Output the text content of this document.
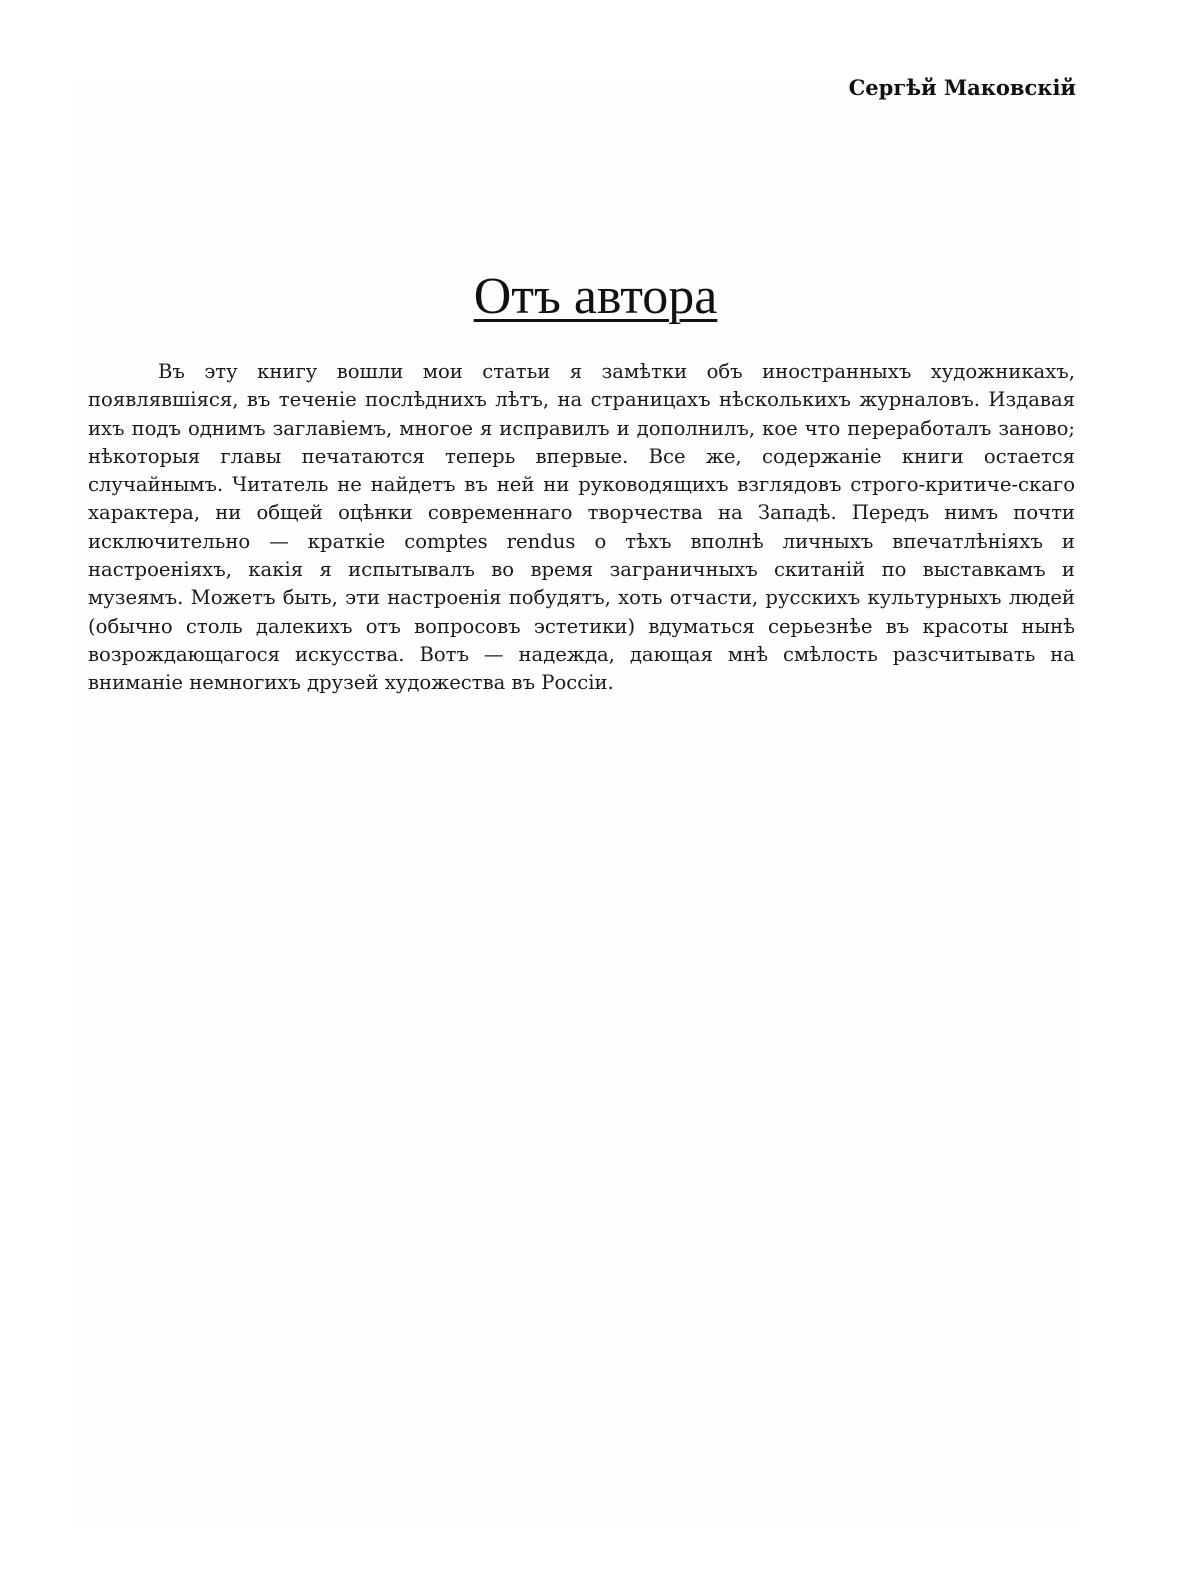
Сергѣй Маковскій
Отъ автора

Въ эту книгу вошли мои статьи я замѣтки объ иностранныхъ художникахъ, появлявшіяся, въ теченіе послѣднихъ лѣтъ, на страницахъ нѣсколькихъ журналовъ. Издавая ихъ подъ однимъ заглавіемъ, многое я исправилъ и дополнилъ, кое что переработалъ заново; нѣкоторыя главы печатаются теперь впервые. Все же, содержаніе книги остается случайнымъ. Читатель не найдетъ въ ней ни руководящихъ взглядовъ строго-критиче-скаго характера, ни общей оцѣнки современнаго творчества на Западѣ. Передъ нимъ почти исключительно — краткіе comptes rendus о тѣхъ вполнѣ личныхъ впечатлѣніяхъ и настроеніяхъ, какія я испытывалъ во время заграничныхъ скитаній по выставкамъ и музеямъ. Можетъ быть, эти настроенія побудятъ, хоть отчасти, русскихъ культурныхъ людей (обычно столь далекихъ отъ вопросовъ эстетики) вдуматься серьезнѣе въ красоты нынѣ возрождающагося искусства. Вотъ — надежда, дающая мнѣ смѣлость разсчитывать на вниманіе немногихъ друзей художества въ Россіи.
